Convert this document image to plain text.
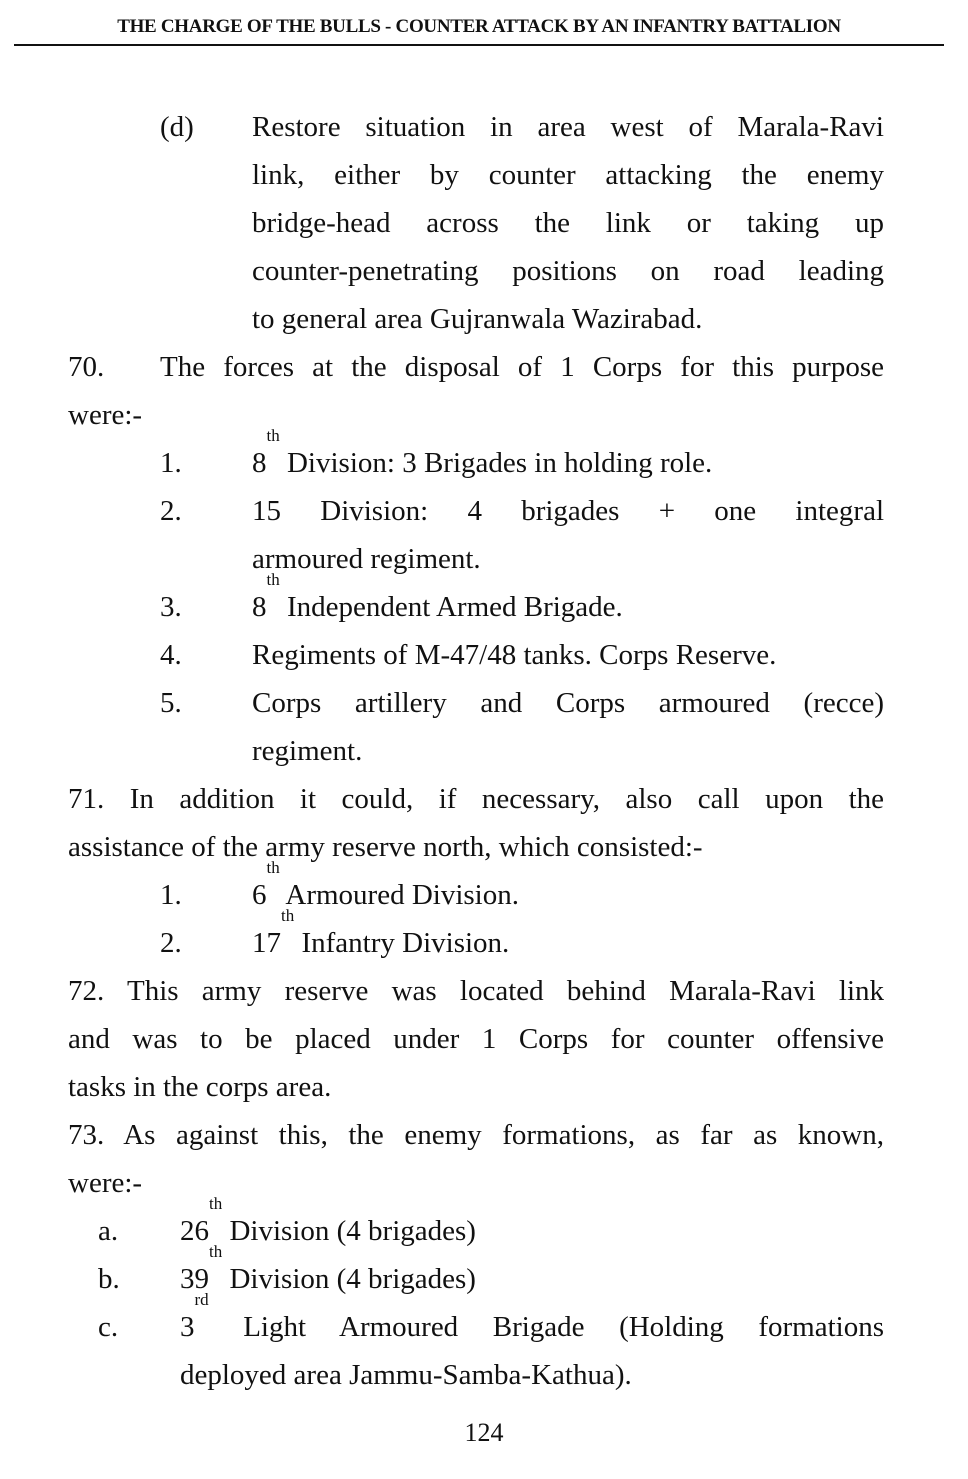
THE CHARGE OF THE BULLS - COUNTER ATTACK BY AN INFANTRY BATTALION
(d) Restore situation in area west of Marala-Ravi
link, either by counter attacking the enemy
bridge-head across the link or taking up
counter-penetrating positions on road leading
to general area Gujranwala Wazirabad.
70. The forces at the disposal of 1 Corps for this purpose
were:-
1. 8th Division: 3 Brigades in holding role.
2. 15 Division: 4 brigades + one integral
armoured regiment.
3. 8th Independent Armed Brigade.
4. Regiments of M-47/48 tanks. Corps Reserve.
5. Corps artillery and Corps armoured (recce)
regiment.
71. In addition it could, if necessary, also call upon the
assistance of the army reserve north, which consisted:-
1. 6th Armoured Division.
2. 17th Infantry Division.
72. This army reserve was located behind Marala-Ravi link
and was to be placed under 1 Corps for counter offensive
tasks in the corps area.
73. As against this, the enemy formations, as far as known,
were:-
a. 26th Division (4 brigades)
b. 39th Division (4 brigades)
c. 3rd Light Armoured Brigade (Holding formations
deployed area Jammu-Samba-Kathua).
124
